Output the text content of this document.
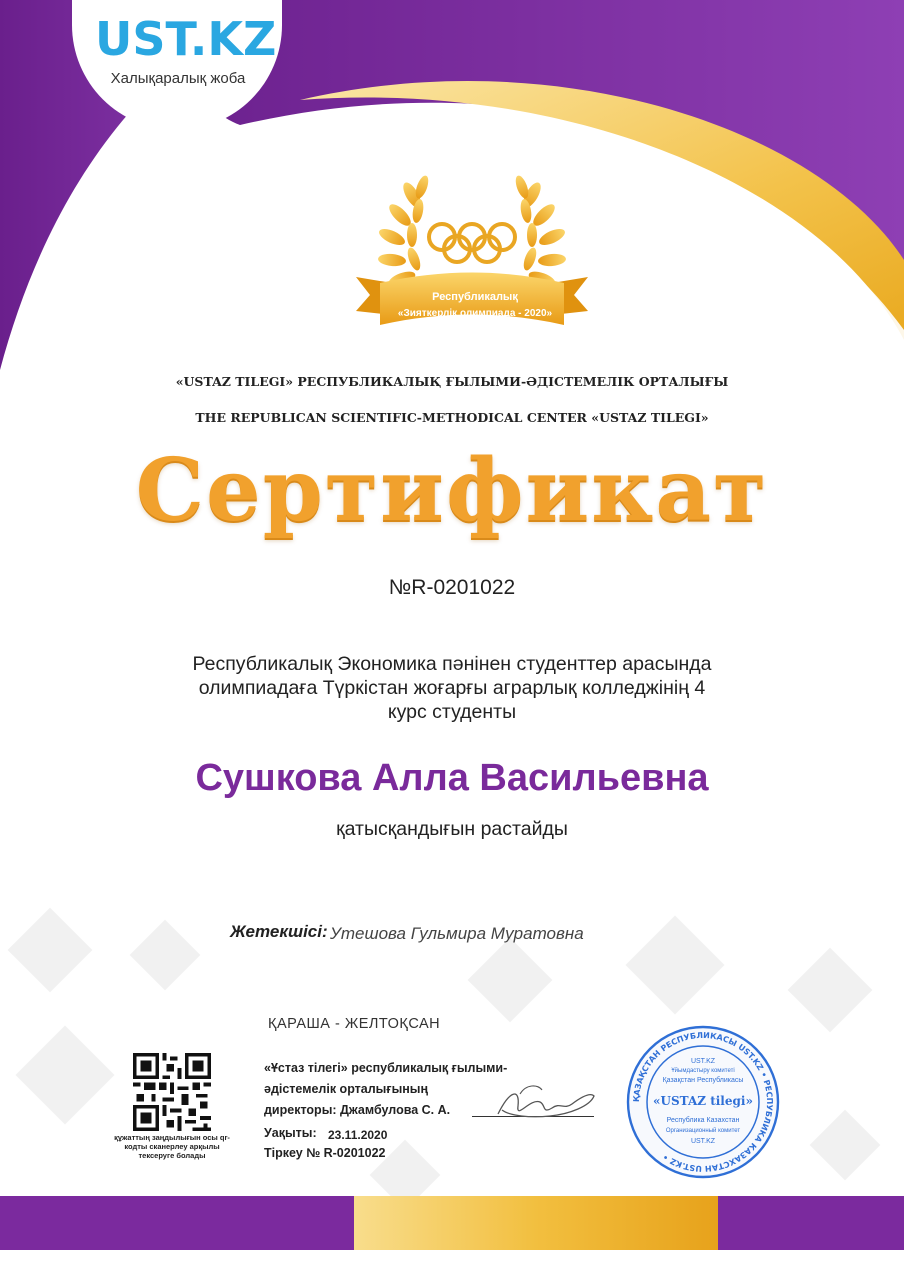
UST.KZ
Халықаралық жоба
Республикалық
«Зияткерлік олимпиада - 2020»
«USTAZ TILEGI» РЕСПУБЛИКАЛЫҚ ҒЫЛЫМИ-ӘДІСТЕМЕЛІК ОРТАЛЫҒЫ
THE REPUBLICAN SCIENTIFIC-METHODICAL CENTER «USTAZ TILEGI»
Сертификат
№R-0201022
Республикалық Экономика пәнінен студенттер арасында олимпиадаға Түркістан жоғарғы аграрлық колледжінің 4 курс студенты
Сушкова Алла Васильевна
қатысқандығын растайды
Жетекшісі: Утешова Гульмира Муратовна
ҚАРАША - ЖЕЛТОҚСАН
құжаттың заңдылығын осы qr-кодты сканерлеу арқылы тексеруге болады
«Ұстаз тілегі» республикалық ғылыми-
әдістемелік орталығының
директоры: Джамбулова С. А.
Уақыты: 23.11.2020
Тіркеу № R-0201022
ҚАЗАҚСТАН РЕСПУБЛИКАСЫ UST.KZ • РЕСПУБЛИКА КАЗАХСТАН UST.KZ •
UST.KZ
Ұйымдастыру комитеті
Қазақстан Республикасы
«USTAZ tilegi»
Республика Казахстан
Организационный комитет
UST.KZ
